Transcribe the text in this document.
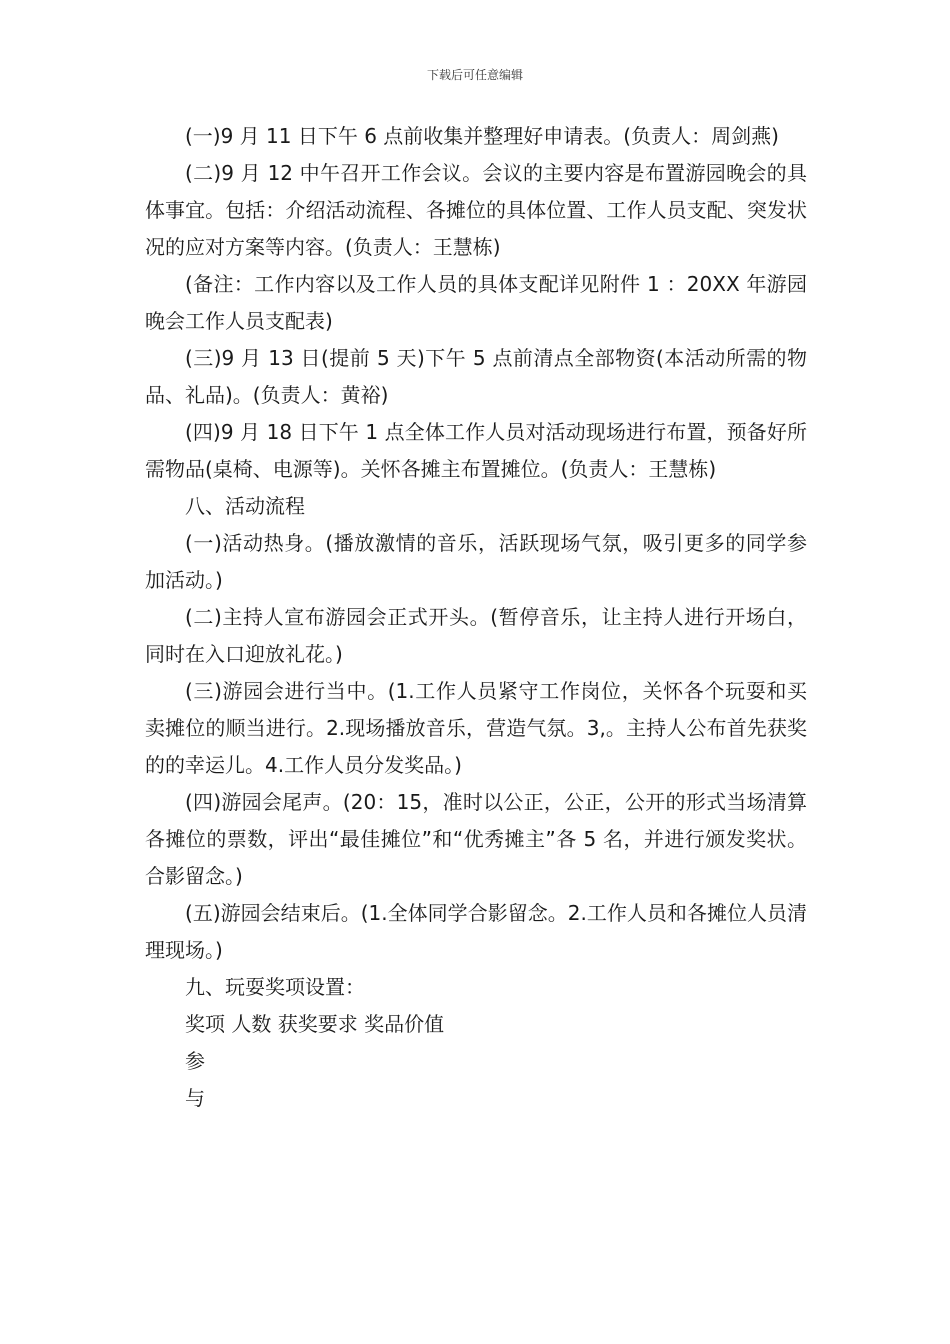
下载后可任意编辑

(一)9 月 11 日下午 6 点前收集并整理好申请表。(负责人：周剑燕)

(二)9 月 12 中午召开工作会议。会议的主要内容是布置游园晚会的具体事宜。包括：介绍活动流程、各摊位的具体位置、工作人员支配、突发状况的应对方案等内容。(负责人：王慧栋)

(备注：工作内容以及工作人员的具体支配详见附件 1 ：20XX 年游园晚会工作人员支配表)

(三)9 月 13 日(提前 5 天)下午 5 点前清点全部物资(本活动所需的物品、礼品)。(负责人：黄裕)

(四)9 月 18 日下午 1 点全体工作人员对活动现场进行布置，预备好所需物品(桌椅、电源等)。关怀各摊主布置摊位。(负责人：王慧栋)

八、活动流程

(一)活动热身。(播放激情的音乐，活跃现场气氛，吸引更多的同学参加活动。)

(二)主持人宣布游园会正式开头。(暂停音乐，让主持人进行开场白，同时在入口迎放礼花。)

(三)游园会进行当中。(1.工作人员紧守工作岗位，关怀各个玩耍和买卖摊位的顺当进行。2.现场播放音乐，营造气氛。3,。主持人公布首先获奖的的幸运儿。4.工作人员分发奖品。)

(四)游园会尾声。(20：15，准时以公正，公正，公开的形式当场清算各摊位的票数，评出“最佳摊位”和“优秀摊主”各 5 名，并进行颁发奖状。合影留念。)

(五)游园会结束后。(1.全体同学合影留念。2.工作人员和各摊位人员清理现场。)

九、玩耍奖项设置：

奖项 人数 获奖要求 奖品价值

参

与
